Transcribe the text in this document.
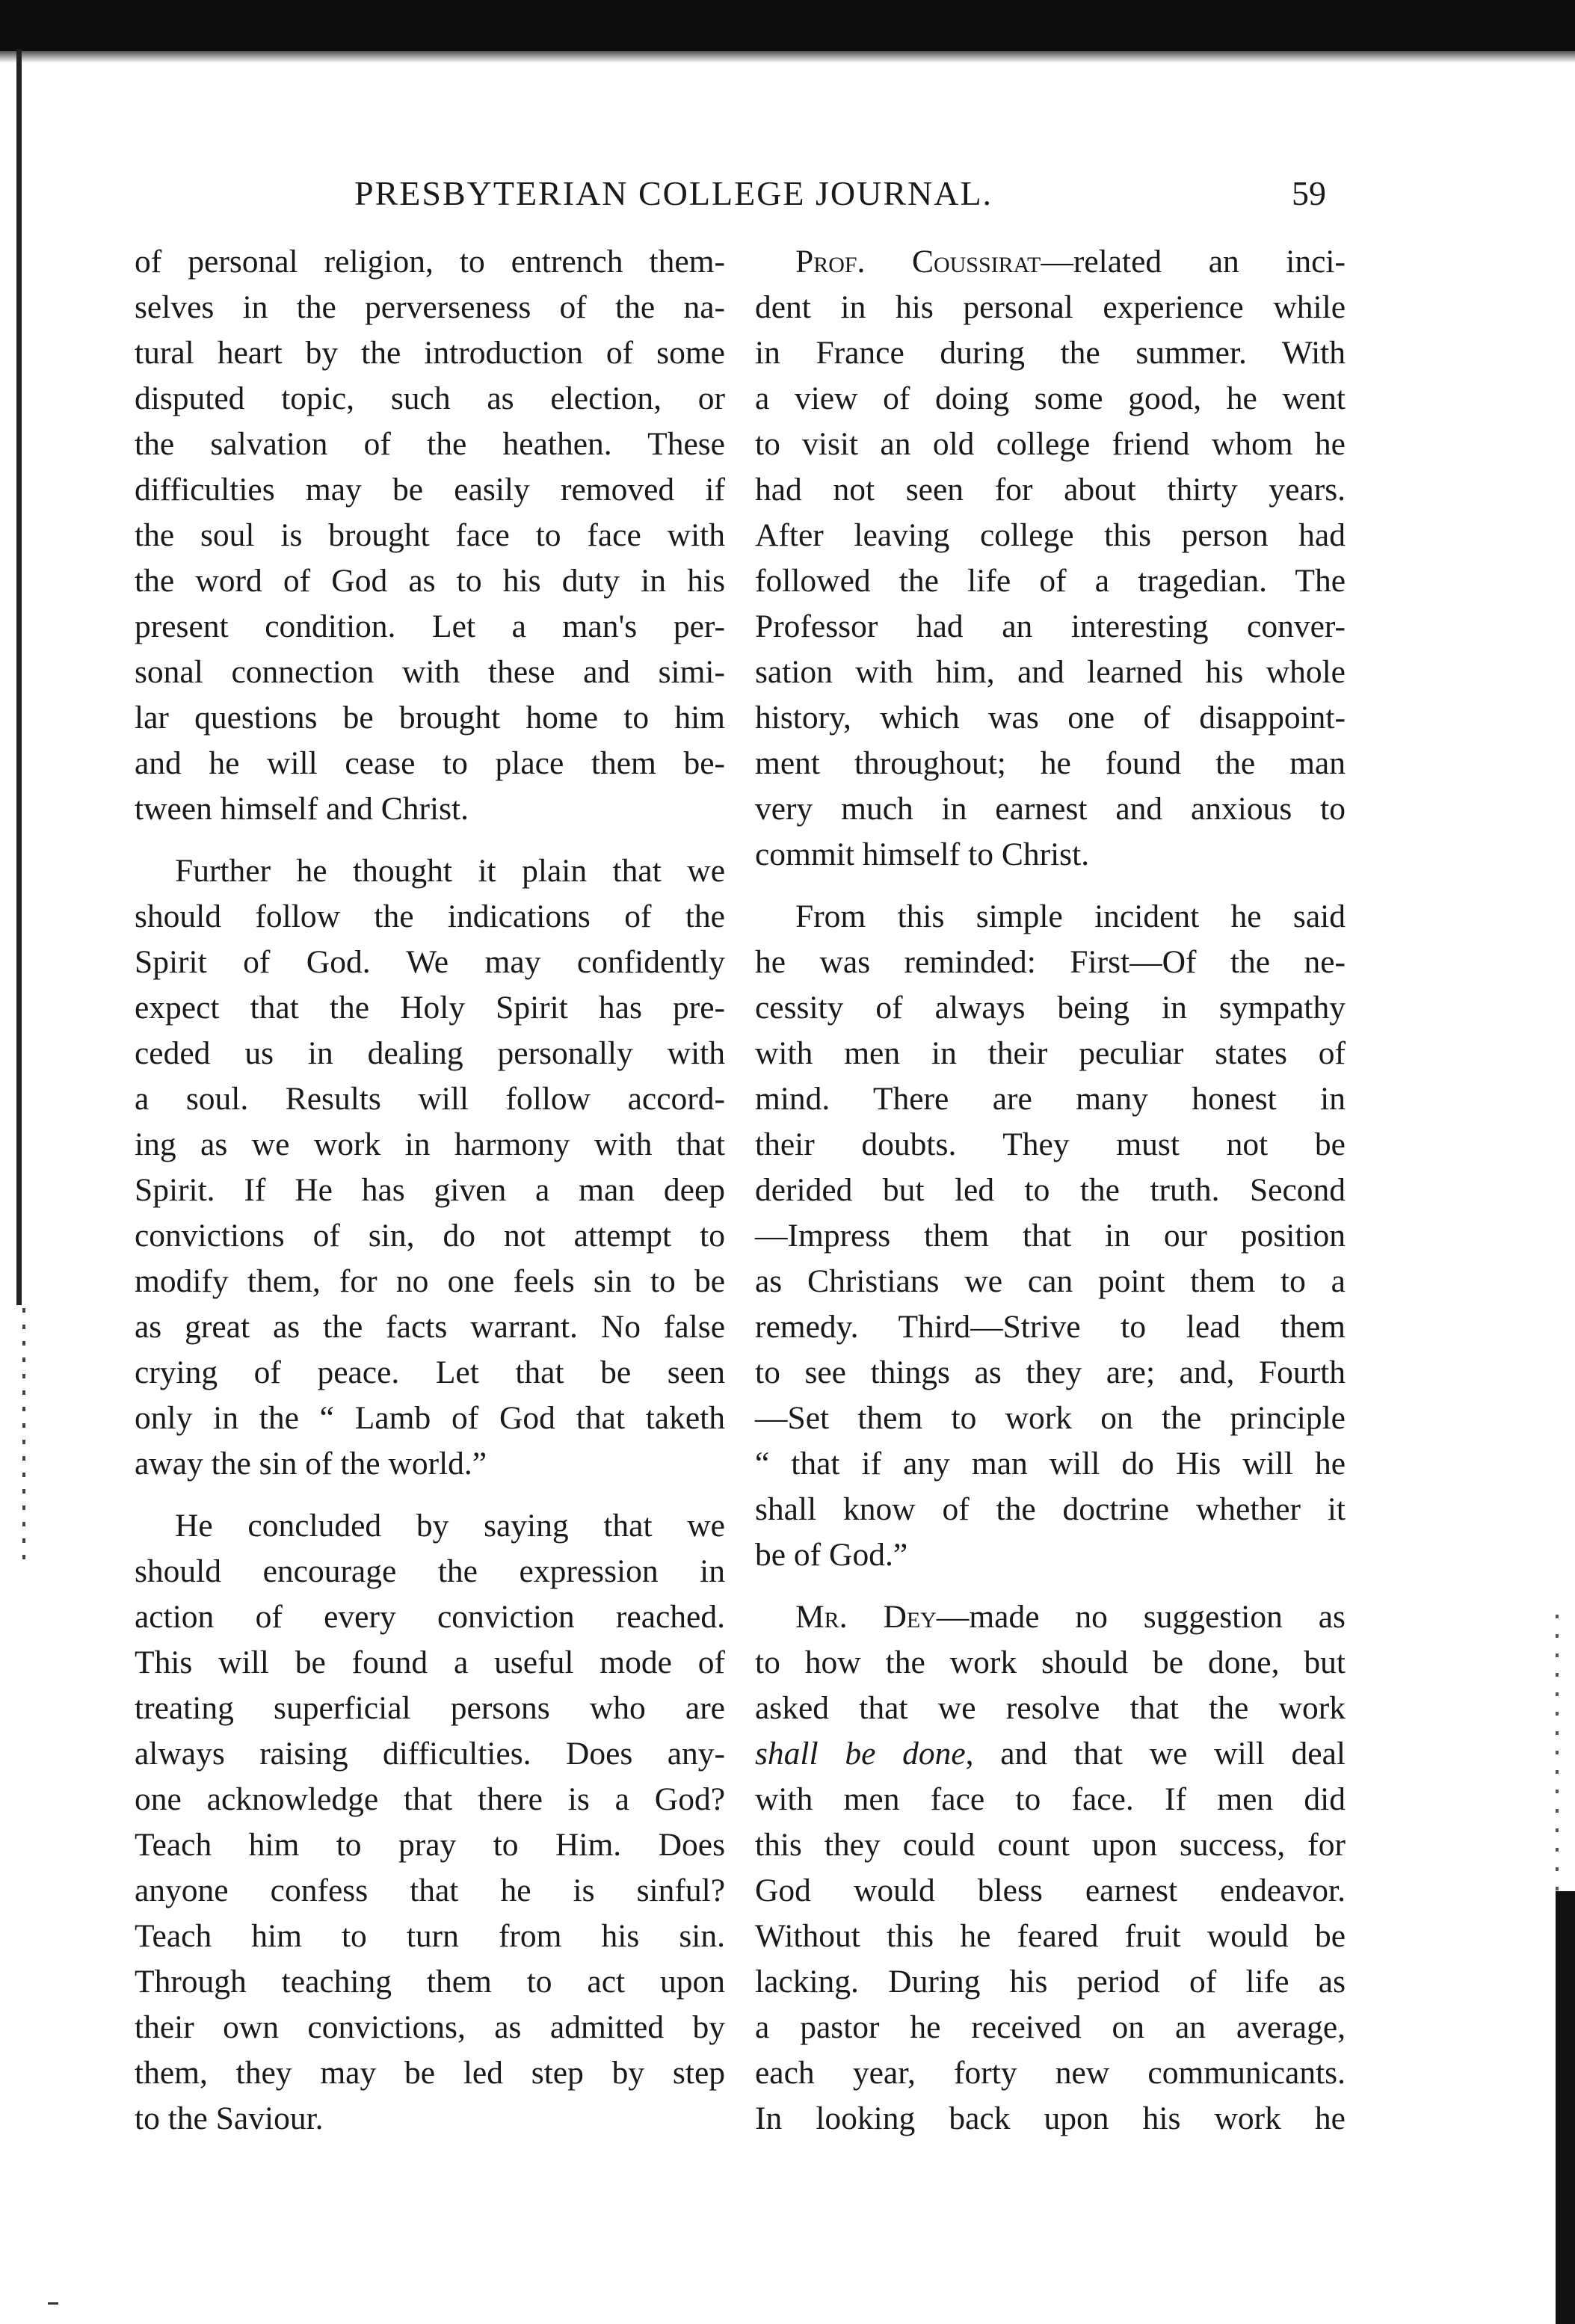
PRESBYTERIAN COLLEGE JOURNAL.	59
of personal religion, to entrench them-
selves in the perverseness of the na-
tural heart by the introduction of some
disputed topic, such as election, or
the salvation of the heathen. These
difficulties may be easily removed if
the soul is brought face to face with
the word of God as to his duty in his
present condition. Let a man's per-
sonal connection with these and simi-
lar questions be brought home to him
and he will cease to place them be-
tween himself and Christ.
Further he thought it plain that we
should follow the indications of the
Spirit of God. We may confidently
expect that the Holy Spirit has pre-
ceded us in dealing personally with
a soul. Results will follow accord-
ing as we work in harmony with that
Spirit. If He has given a man deep
convictions of sin, do not attempt to
modify them, for no one feels sin to be
as great as the facts warrant. No false
crying of peace. Let that be seen
only in the “ Lamb of God that taketh
away the sin of the world.”
He concluded by saying that we
should encourage the expression in
action of every conviction reached.
This will be found a useful mode of
treating superficial persons who are
always raising difficulties. Does any-
one acknowledge that there is a God?
Teach him to pray to Him. Does
anyone confess that he is sinful?
Teach him to turn from his sin.
Through teaching them to act upon
their own convictions, as admitted by
them, they may be led step by step
to the Saviour.
Prof. Coussirat—related an inci-
dent in his personal experience while
in France during the summer. With
a view of doing some good, he went
to visit an old college friend whom he
had not seen for about thirty years.
After leaving college this person had
followed the life of a tragedian. The
Professor had an interesting conver-
sation with him, and learned his whole
history, which was one of disappoint-
ment throughout; he found the man
very much in earnest and anxious to
commit himself to Christ.
From this simple incident he said
he was reminded: First—Of the ne-
cessity of always being in sympathy
with men in their peculiar states of
mind. There are many honest in
their doubts. They must not be
derided but led to the truth. Second
—Impress them that in our position
as Christians we can point them to a
remedy. Third—Strive to lead them
to see things as they are; and, Fourth
—Set them to work on the principle
“ that if any man will do His will he
shall know of the doctrine whether it
be of God.”
Mr. Dey—made no suggestion as
to how the work should be done, but
asked that we resolve that the work
shall be done, and that we will deal
with men face to face. If men did
this they could count upon success, for
God would bless earnest endeavor.
Without this he feared fruit would be
lacking. During his period of life as
a pastor he received on an average,
each year, forty new communicants.
In looking back upon his work he
